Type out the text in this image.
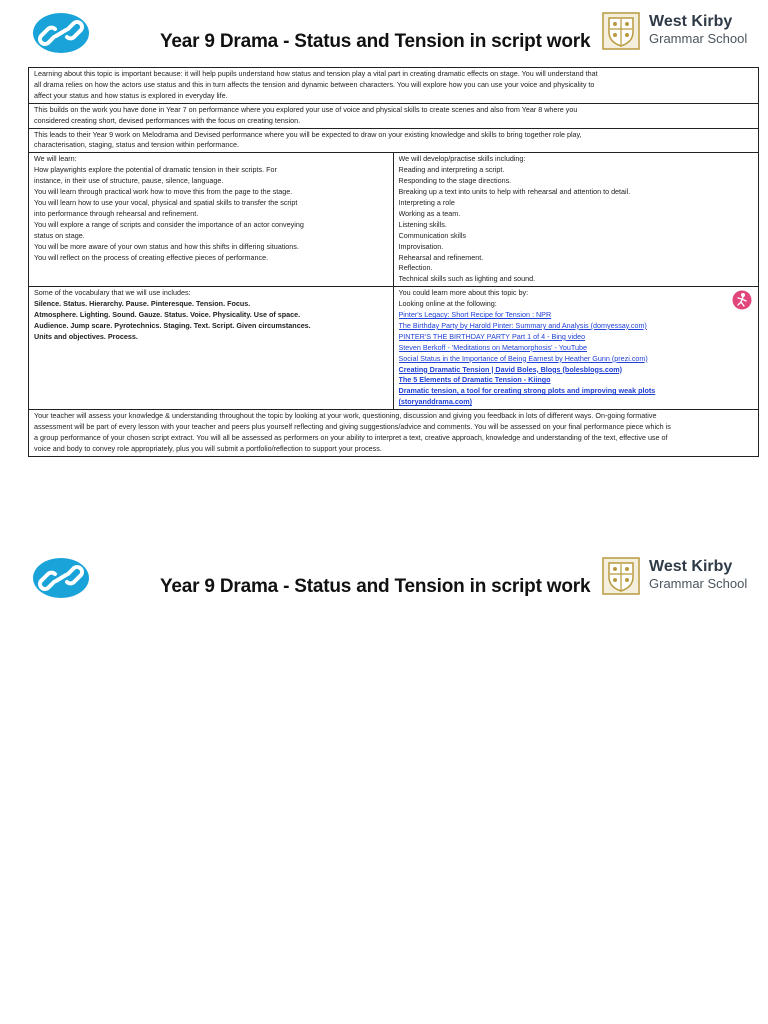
Year 9 Drama - Status and Tension in script work
West Kirby
Grammar School
Learning about this topic is important because: it will help pupils understand how status and tension play a vital part in creating dramatic effects on stage. You will understand that
all drama relies on how the actors use status and this in turn affects the tension and dynamic between characters. You will explore how you can use your voice and physicality to
affect your status and how status is explored in everyday life.
This builds on the work you have done in Year 7 on performance where you explored your use of voice and physical skills to create scenes and also from Year 8 where you
considered creating short, devised performances with the focus on creating tension.
This leads to their Year 9 work on Melodrama and Devised performance where you will be expected to draw on your existing knowledge and skills to bring together role play,
characterisation, staging, status and tension within performance.
We will learn:
How playwrights explore the potential of dramatic tension in their scripts. For
instance, in their use of structure, pause, silence, language.
You will learn through practical work how to move this from the page to the stage.
You will learn how to use your vocal, physical and spatial skills to transfer the script
into performance through rehearsal and refinement.
You will explore a range of scripts and consider the importance of an actor conveying
status on stage.
You will be more aware of your own status and how this shifts in differing situations.
You will reflect on the process of creating effective pieces of performance.
We will develop/practise skills including:
Reading and interpreting a script.
Responding to the stage directions.
Breaking up a text into units to help with rehearsal and attention to detail.
Interpreting a role
Working as a team.
Listening skills.
Communication skills
Improvisation.
Rehearsal and refinement.
Reflection.
Technical skills such as lighting and sound.
Some of the vocabulary that we will use includes:
Silence. Status. Hierarchy. Pause. Pinteresque. Tension. Focus.
Atmosphere. Lighting. Sound. Gauze. Status. Voice. Physicality. Use of space.
Audience. Jump scare. Pyrotechnics. Staging. Text. Script. Given circumstances.
Units and objectives. Process.
You could learn more about this topic by:
Looking online at the following:
Pinter's Legacy: Short Recipe for Tension : NPR
The Birthday Party by Harold Pinter: Summary and Analysis (domyessay.com)
PINTER'S THE BIRTHDAY PARTY Part 1 of 4 - Bing video
Steven Berkoff - 'Meditations on Metamorphosis' - YouTube
Social Status in the Importance of Being Earnest by Heather Gunn (prezi.com)
Creating Dramatic Tension | David Boles, Blogs (bolesblogs.com)
The 5 Elements of Dramatic Tension - Kiingo
Dramatic tension, a tool for creating strong plots and improving weak plots
(storyanddrama.com)
Your teacher will assess your knowledge & understanding throughout the topic by looking at your work, questioning, discussion and giving you feedback in lots of different ways. On-going formative
assessment will be part of every lesson with your teacher and peers plus yourself reflecting and giving suggestions/advice and comments. You will be assessed on your final performance piece which is
a group performance of your chosen script extract. You will all be assessed as performers on your ability to interpret a text, creative approach, knowledge and understanding of the text, effective use of
voice and body to convey role appropriately, plus you will submit a portfolio/reflection to support your process.
Year 9 Drama - Status and Tension in script work
West Kirby
Grammar School
